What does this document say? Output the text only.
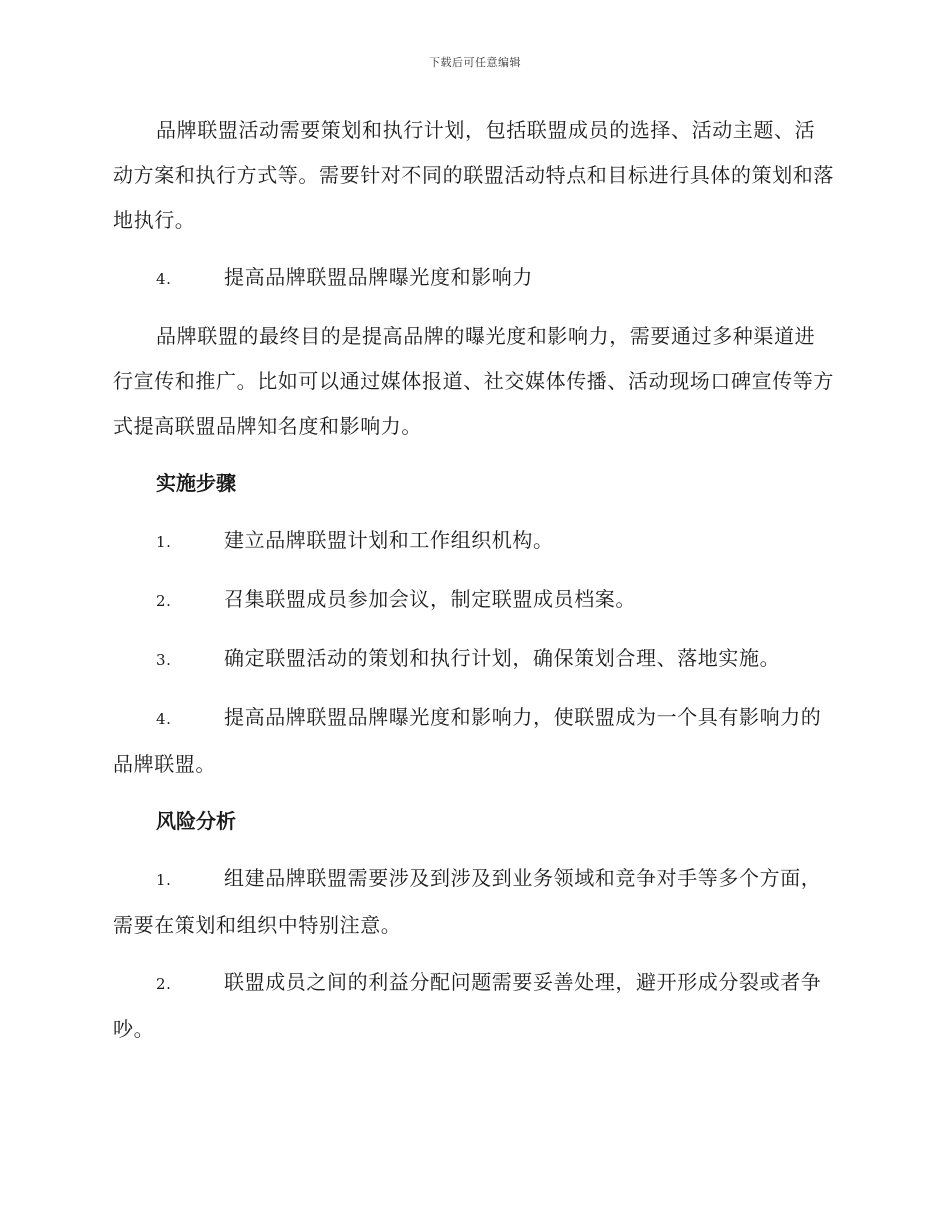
下载后可任意编辑

品牌联盟活动需要策划和执行计划，包括联盟成员的选择、活动主题、活动方案和执行方式等。需要针对不同的联盟活动特点和目标进行具体的策划和落地执行。

4.	提高品牌联盟品牌曝光度和影响力

品牌联盟的最终目的是提高品牌的曝光度和影响力，需要通过多种渠道进行宣传和推广。比如可以通过媒体报道、社交媒体传播、活动现场口碑宣传等方式提高联盟品牌知名度和影响力。

实施步骤

1.	建立品牌联盟计划和工作组织机构。

2.	召集联盟成员参加会议，制定联盟成员档案。

3.	确定联盟活动的策划和执行计划，确保策划合理、落地实施。

4.	提高品牌联盟品牌曝光度和影响力，使联盟成为一个具有影响力的品牌联盟。

风险分析

1.	组建品牌联盟需要涉及到涉及到业务领域和竞争对手等多个方面，需要在策划和组织中特别注意。

2.	联盟成员之间的利益分配问题需要妥善处理，避开形成分裂或者争吵。
